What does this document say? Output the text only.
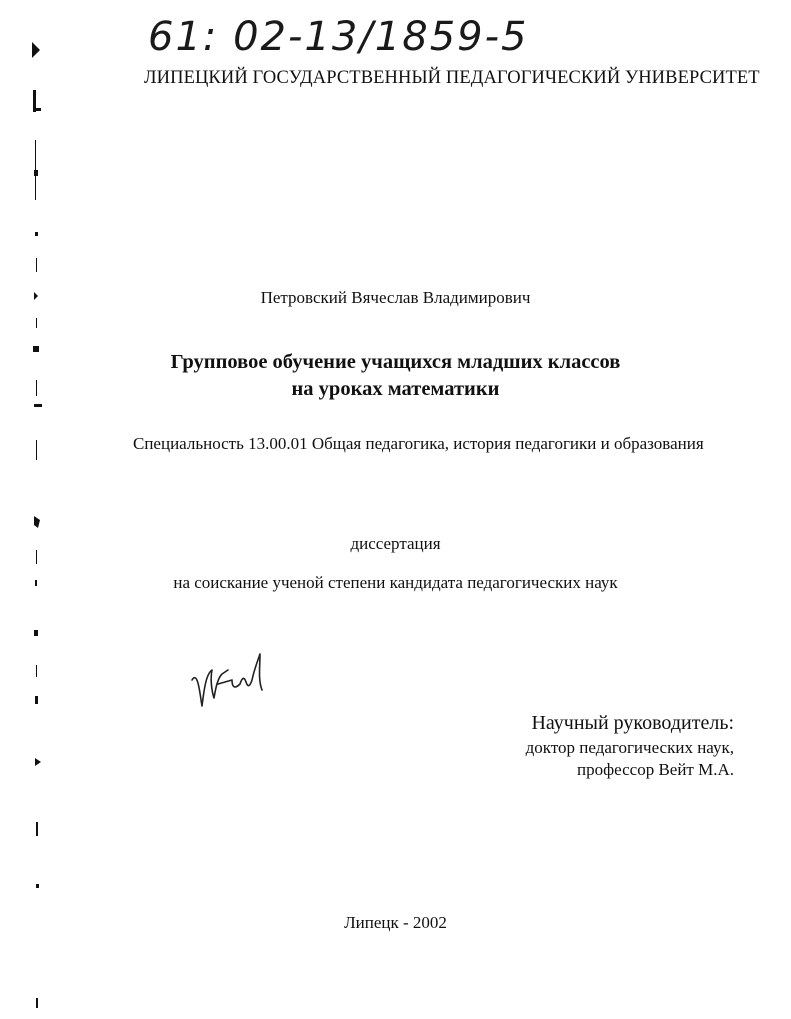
61: 02-13/1859-5
ЛИПЕЦКИЙ ГОСУДАРСТВЕННЫЙ ПЕДАГОГИЧЕСКИЙ УНИВЕРСИТЕТ
Петровский Вячеслав Владимирович
Групповое обучение учащихся младших классов
на уроках математики
Специальность 13.00.01 Общая педагогика, история педагогики и образования
диссертация
на соискание ученой степени кандидата педагогических наук
Научный руководитель:
доктор педагогических наук,
профессор Вейт М.А.
Липецк - 2002
